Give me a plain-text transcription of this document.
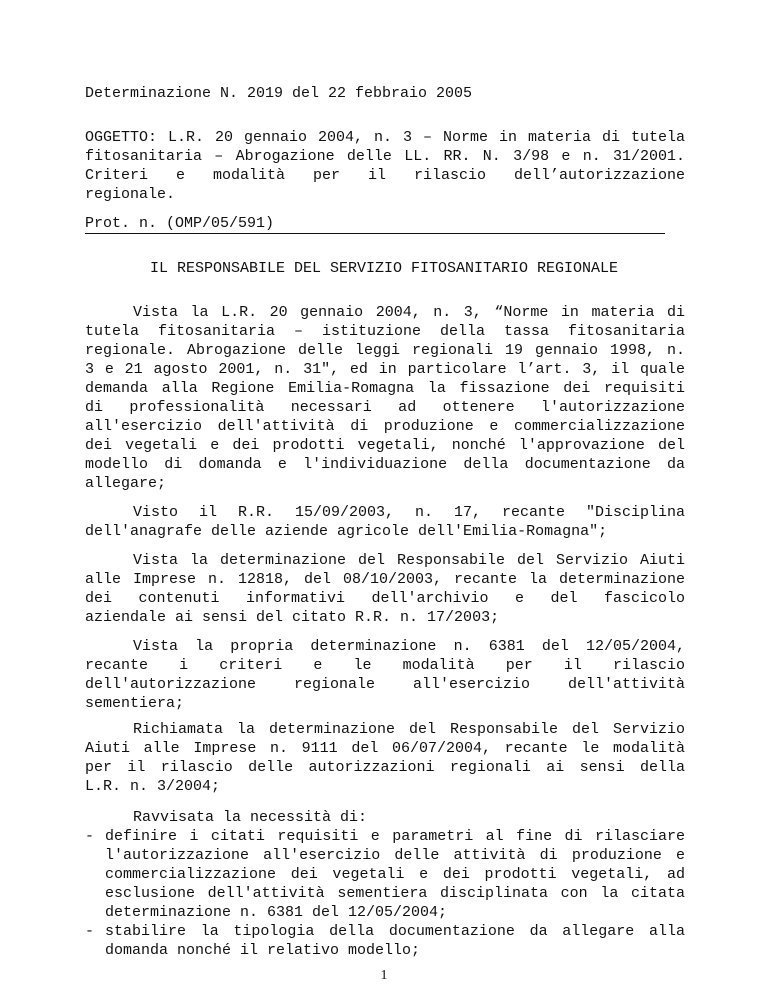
Determinazione N. 2019 del 22 febbraio 2005
OGGETTO: L.R. 20 gennaio 2004, n. 3 – Norme in materia di tutela
fitosanitaria – Abrogazione delle LL. RR. N. 3/98 e n. 31/2001.
Criteri e modalità per il rilascio dell’autorizzazione
regionale.
Prot. n. (OMP/05/591)
IL RESPONSABILE DEL SERVIZIO FITOSANITARIO REGIONALE
Vista la L.R. 20 gennaio 2004, n. 3, “Norme in materia di
tutela fitosanitaria – istituzione della tassa fitosanitaria
regionale. Abrogazione delle leggi regionali 19 gennaio 1998, n.
3 e 21 agosto 2001, n. 31", ed in particolare l’art. 3, il quale
demanda alla Regione Emilia-Romagna la fissazione dei requisiti
di professionalità necessari ad ottenere l'autorizzazione
all'esercizio dell'attività di produzione e commercializzazione
dei vegetali e dei prodotti vegetali, nonché l'approvazione del
modello di domanda e l'individuazione della documentazione da
allegare;
Visto il R.R. 15/09/2003, n. 17, recante "Disciplina
dell'anagrafe delle aziende agricole dell'Emilia-Romagna";
Vista la determinazione del Responsabile del Servizio Aiuti
alle Imprese n. 12818, del 08/10/2003, recante la determinazione
dei contenuti informativi dell'archivio e del fascicolo
aziendale ai sensi del citato R.R. n. 17/2003;
Vista la propria determinazione n. 6381 del 12/05/2004,
recante i criteri e le modalità per il rilascio
dell'autorizzazione regionale all'esercizio dell'attività
sementiera;
Richiamata la determinazione del Responsabile del Servizio
Aiuti alle Imprese n. 9111 del 06/07/2004, recante le modalità
per il rilascio delle autorizzazioni regionali ai sensi della
L.R. n. 3/2004;
Ravvisata la necessità di:
- definire i citati requisiti e parametri al fine di rilasciare
l'autorizzazione all'esercizio delle attività di produzione e
commercializzazione dei vegetali e dei prodotti vegetali, ad
esclusione dell'attività sementiera disciplinata con la citata
determinazione n. 6381 del 12/05/2004;
- stabilire la tipologia della documentazione da allegare alla
domanda nonché il relativo modello;
1
